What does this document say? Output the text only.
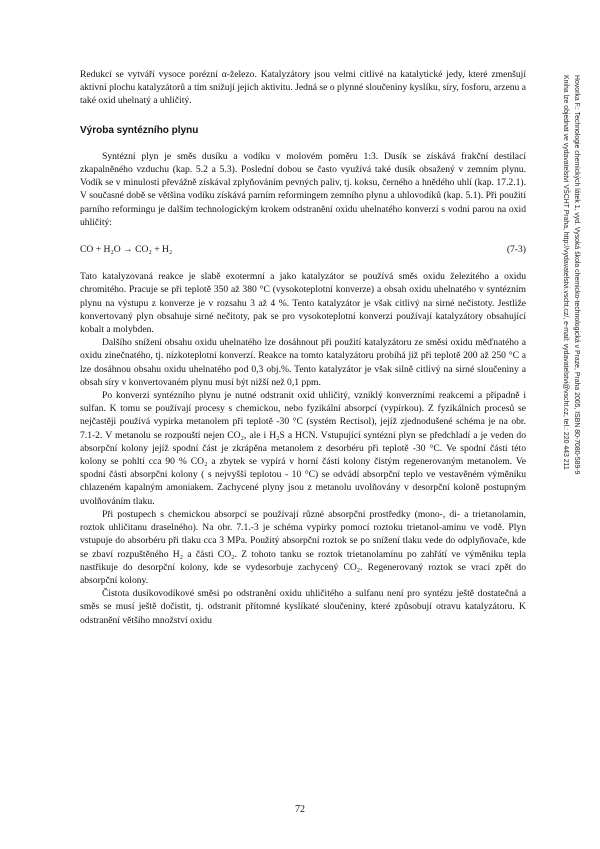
Redukcí se vytváří vysoce porézní α-železo. Katalyzátory jsou velmi citlivé na katalytické jedy, které zmenšují aktivní plochu katalyzátorů a tím snižují jejich aktivitu. Jedná se o plynné sloučeniny kyslíku, síry, fosforu, arzenu a také oxid uhelnatý a uhličitý.

Výroba syntézního plynu

Syntézní plyn je směs dusíku a vodíku v molovém poměru 1:3. Dusík se získává frakční destilací zkapalněného vzduchu (kap. 5.2 a 5.3). Poslední dobou se často využívá také dusík obsažený v zemním plynu. Vodík se v minulosti převážně získával zplyňováním pevných paliv, tj. koksu, černého a hnědého uhlí (kap. 17.2.1). V současné době se většina vodíku získává parním reformingem zemního plynu a uhlovodíků (kap. 5.1). Při použití parního reformingu je dalším technologickým krokem odstranění oxidu uhelnatého konverzí s vodní parou na oxid uhličitý:

CO + H₂O → CO₂ + H₂	(7-3)

Tato katalyzovaná reakce je slabě exotermní a jako katalyzátor se používá směs oxidu železitého a oxidu chromitého. Pracuje se při teplotě 350 až 380 °C (vysokoteplotní konverze) a obsah oxidu uhelnatého v syntézním plynu na výstupu z konverze je v rozsahu 3 až 4 %. Tento katalyzátor je však citlivý na sirné nečistoty. Jestliže konvertovaný plyn obsahuje sirné nečitoty, pak se pro vysokoteplotní konverzi používají katalyzátory obsahující kobalt a molybden.

Dalšího snížení obsahu oxidu uhelnatého lze dosáhnout při použití katalyzátoru ze směsi oxidu měďnatého a oxidu zinečnatého, tj. nízkoteplotní konverzí. Reakce na tomto katalyzátoru probíhá již při teplotě 200 až 250 °C a lze dosáhnou obsahu oxidu uhelnatého pod 0,3 obj.%. Tento katalyzátor je však silně citlivý na sirné sloučeniny a obsah síry v konvertovaném plynu musí být nižší než 0,1 ppm.

Po konverzi syntézního plynu je nutné odstranit oxid uhličitý, vzniklý konverzními reakcemi a případně i sulfan. K tomu se používají procesy s chemickou, nebo fyzikální absorpcí (vypírkou). Z fyzikálních procesů se nejčastěji používá vypírka metanolem při teplotě -30 °C (systém Rectisol), jejíž zjednodušené schéma je na obr. 7.1-2. V metanolu se rozpouští nejen CO₂, ale i H₂S a HCN. Vstupující syntézní plyn se předchladí a je veden do absorpční kolony jejíž spodní část je zkrápěna metanolem z desorbéru při teplotě -30 °C. Ve spodní části této kolony se pohltí cca 90 % CO₂ a zbytek se vypírá v horní části kolony čistým regenerovaným metanolem. Ve spodní části absorpční kolony ( s nejvyšší teplotou - 10 °C) se odvádí absorpční teplo ve vestavěném výměníku chlazeném kapalným amoniakem. Zachycené plyny jsou z metanolu uvolňovány v desorpční koloně postupným uvolňováním tlaku.

Při postupech s chemickou absorpcí se používají různé absorpční prostředky (mono-, di- a trietanolamin, roztok uhličitanu draselného). Na obr. 7.1.-3 je schéma vypírky pomocí roztoku trietanol-amínu ve vodě. Plyn vstupuje do absorbéru při tlaku cca 3 MPa. Použitý absorpční roztok se po snížení tlaku vede do odplyňovače, kde se zbaví rozpuštěného H₂ a části CO₂. Z tohoto tanku se roztok trietanolamínu po zahřátí ve výměníku tepla nastřikuje do desorpční kolony, kde se vydesorbuje zachycený CO₂. Regenerovaný roztok se vrací zpět do absorpční kolony.

Čistota dusíkovodíkové směsi po odstranění oxidu uhličitého a sulfanu není pro syntézu ještě dostatečná a směs se musí ještě dočistit, tj. odstranit přítomné kyslíkaté sloučeniny, které způsobují otravu katalyzátoru. K odstranění většího množství oxidu

72
Hovorka F.: Technologie chemických látek 1, vyd. Vysoká škola chemicko-technologická v Praze, Praha 2005, ISBN 80-7080-589-9
Kniha lze objednat ve vydavatelství VŠCHT Praha, http://vydavatelstvi.vscht.cz/, e-mail: vydavatelstvi@vscht.cz, tel.: 220 443 211
